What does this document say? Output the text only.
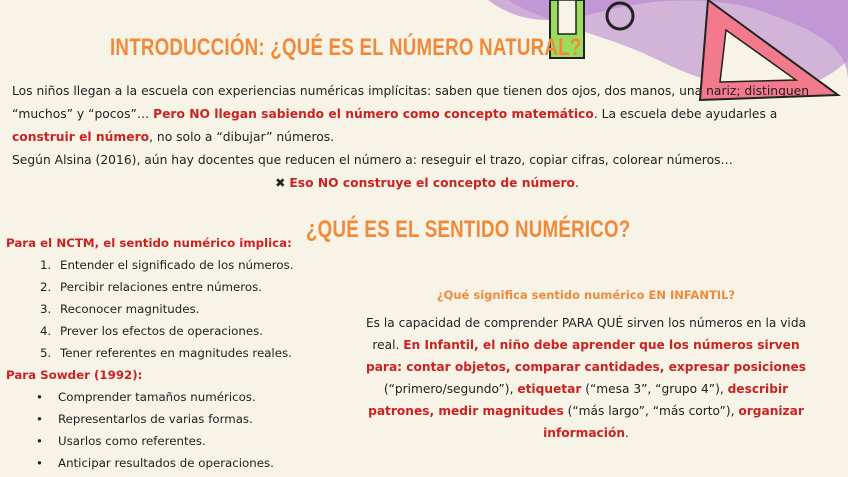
INTRODUCCIÓN: ¿QUÉ ES EL NÚMERO NATURAL?

Los niños llegan a la escuela con experiencias numéricas implícitas: saben que tienen dos ojos, dos manos, una nariz; distinguen “muchos” y “pocos”… Pero NO llegan sabiendo el número como concepto matemático. La escuela debe ayudarles a construir el número, no solo a “dibujar” números.

Según Alsina (2016), aún hay docentes que reducen el número a: reseguir el trazo, copiar cifras, colorear números…

✖ Eso NO construye el concepto de número.

¿QUÉ ES EL SENTIDO NUMÉRICO?
Para el NCTM, el sentido numérico implica:
1. Entender el significado de los números.
2. Percibir relaciones entre números.
3. Reconocer magnitudes.
4. Prever los efectos de operaciones.
5. Tener referentes en magnitudes reales.
Para Sowder (1992):
• Comprender tamaños numéricos.
• Representarlos de varias formas.
• Usarlos como referentes.
• Anticipar resultados de operaciones.
¿Qué significa sentido numérico EN INFANTIL?

Es la capacidad de comprender PARA QUÉ sirven los números en la vida real. En Infantil, el niño debe aprender que los números sirven para: contar objetos, comparar cantidades, expresar posiciones (“primero/segundo”), etiquetar (“mesa 3”, “grupo 4”), describir patrones, medir magnitudes (“más largo”, “más corto”), organizar información.
